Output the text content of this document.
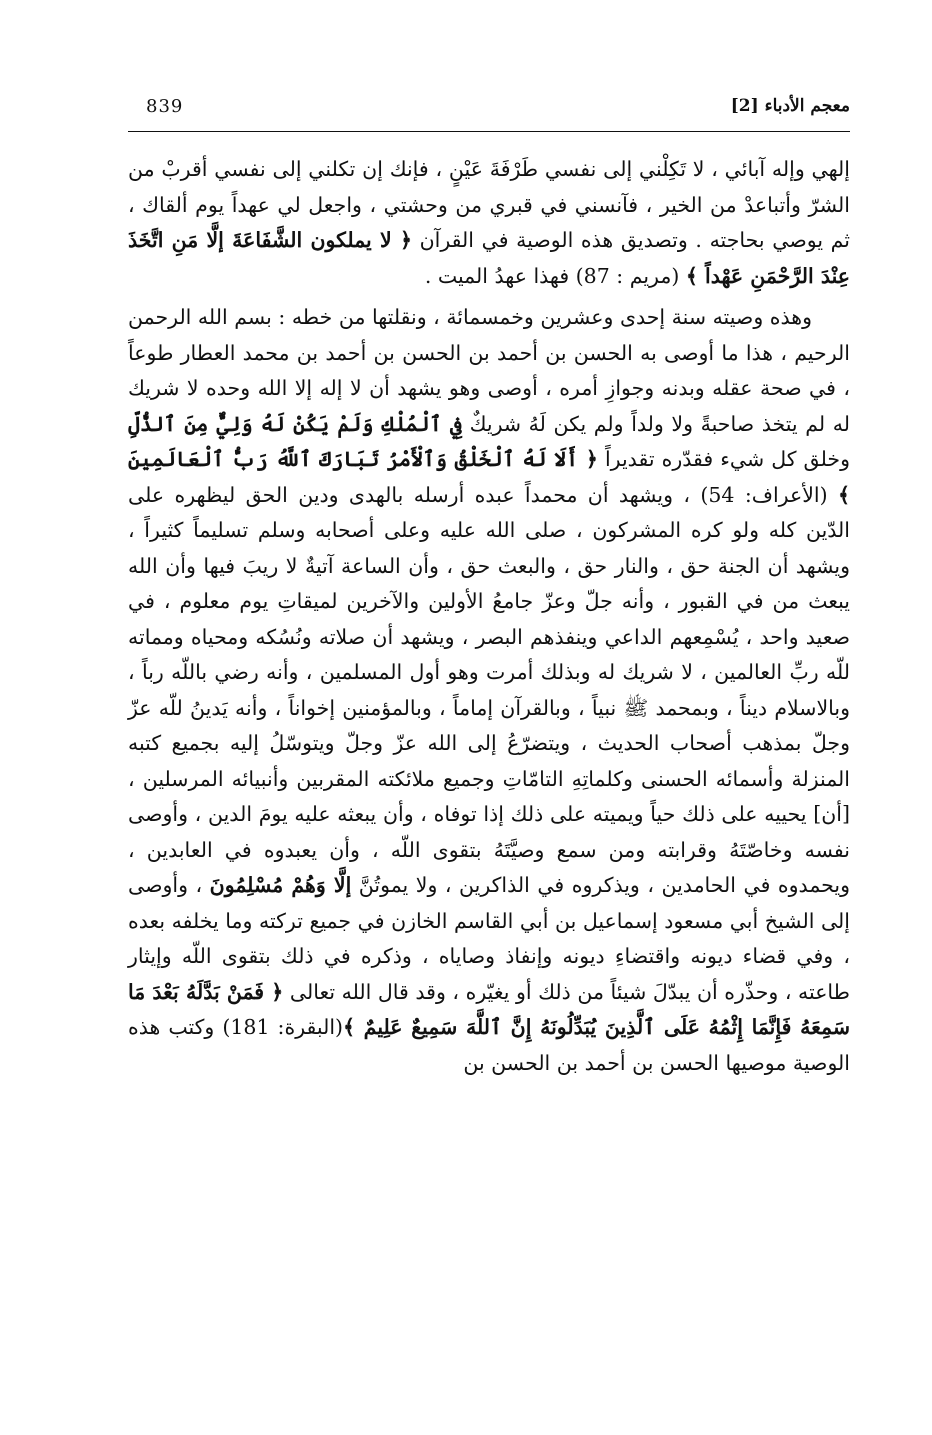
معجم الأدباء [2]
839

إلهي وإله آبائي ، لا تَكِلْني إلى نفسي طَرْفَةَ عَيْنٍ ، فإنك إن تكلني إلى نفسي أقربْ من الشرّ وأتباعدْ من الخير ، فآنسني في قبري من وحشتي ، واجعل لي عهداً يوم ألقاك ، ثم يوصي بحاجته . وتصديق هذه الوصية في القرآن ﴿ لا يملكون الشَّفَاعَةَ إلَّا مَنِ اتَّخَذَ عِنْدَ الرَّحْمَنِ عَهْداً ﴾ (مريم : 87) فهذا عهدُ الميت .

وهذه وصيته سنة إحدى وعشرين وخمسمائة ، ونقلتها من خطه : بسم الله الرحمن الرحيم ، هذا ما أوصى به الحسن بن أحمد بن الحسن بن أحمد بن محمد العطار طوعاً ، في صحة عقله وبدنه وجوازِ أمره ، أوصى وهو يشهد أن لا إله إلا الله وحده لا شريك له لم يتخذ صاحبةً ولا ولداً ولم يكن لَهُ شريكٌ فِي ٱلْمُلْكِ وَلَمْ يَكُنْ لَهُ وَلِيٌّ مِنَ ٱلذُّلِّ وخلق كل شيء فقدّره تقديراً ﴿ أَلَا لَهُ ٱلْخَلْقُ وَٱلْأَمْرُ تَبَارَكَ ٱللَّهُ رَبُّ ٱلْعَالَمِينَ ﴾ (الأعراف: 54) ، ويشهد أن محمداً عبده أرسله بالهدى ودين الحق ليظهره على الدّين كله ولو كره المشركون ، صلى الله عليه وعلى أصحابه وسلم تسليماً كثيراً ، ويشهد أن الجنة حق ، والنار حق ، والبعث حق ، وأن الساعة آتيةٌ لا ريبَ فيها وأن الله يبعث من في القبور ، وأنه جلّ وعزّ جامعُ الأولين والآخرين لميقاتِ يوم معلوم ، في صعيد واحد ، يُسْمِعهم الداعي وينفذهم البصر ، ويشهد أن صلاته ونُسُكه ومحياه ومماته للّه ربِّ العالمين ، لا شريك له وبذلك أمرت وهو أول المسلمين ، وأنه رضي باللّه رباً ، وبالاسلام ديناً ، وبمحمد ﷺ نبياً ، وبالقرآن إماماً ، وبالمؤمنين إخواناً ، وأنه يَدينُ للّه عزّ وجلّ بمذهب أصحاب الحديث ، ويتضرّعُ إلى الله عزّ وجلّ ويتوسّلُ إليه بجميع كتبه المنزلة وأسمائه الحسنى وكلماتِهِ التامّاتِ وجميع ملائكته المقربين وأنبيائه المرسلين ، [أن] يحييه على ذلك حياً ويميته على ذلك إذا توفاه ، وأن يبعثه عليه يومَ الدين ، وأوصى نفسه وخاصّتَهُ وقرابته ومن سمع وصيَّتَهُ بتقوى اللّه ، وأن يعبدوه في العابدين ، ويحمدوه في الحامدين ، ويذكروه في الذاكرين ، ولا يموتُنَّ إلَّا وَهُمْ مُسْلِمُونَ ، وأوصى إلى الشيخ أبي مسعود إسماعيل بن أبي القاسم الخازن في جميع تركته وما يخلفه بعده ، وفي قضاء ديونه واقتضاءِ ديونه وإنفاذ وصاياه ، وذكره في ذلك بتقوى اللّه وإيثار طاعته ، وحذّره أن يبدّلَ شيئاً من ذلك أو يغيّره ، وقد قال الله تعالى ﴿ فَمَنْ بَدَّلَهُ بَعْدَ مَا سَمِعَهُ فَإِنَّمَا إِثْمُهُ عَلَى ٱلَّذِينَ يُبَدِّلُونَهُ إِنَّ ٱللَّهَ سَمِيعٌ عَلِيمٌ ﴾(البقرة: 181) وكتب هذه الوصية موصيها الحسن بن أحمد بن الحسن بن
